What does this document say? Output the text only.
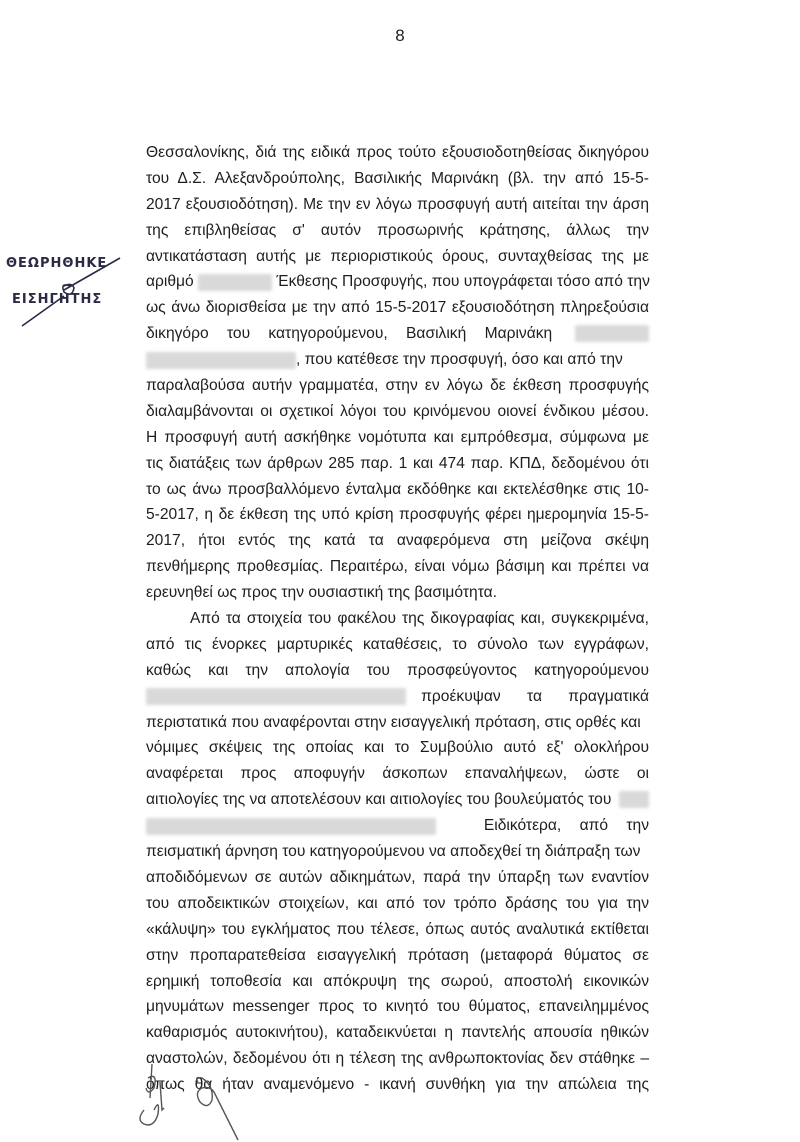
8
ΘΕΩΡΗΘΗΚΕ
ΕΙΣΗΓΗΤΗΣ
Θεσσαλονίκης, διά της ειδικά προς τούτο εξουσιοδοτηθείσας δικηγόρου
του Δ.Σ. Αλεξανδρούπολης, Βασιλικής Μαρινάκη (βλ. την από 15-5-
2017 εξουσιοδότηση). Με την εν λόγω προσφυγή αυτή αιτείται την άρση
της επιβληθείσας σ' αυτόν προσωρινής κράτησης, άλλως την
αντικατάσταση αυτής με περιοριστικούς όρους, συνταχθείσας της με
αριθμό	Έκθεσης Προσφυγής, που υπογράφεται τόσο από την
ως άνω διορισθείσα με την από 15-5-2017 εξουσιοδότηση πληρεξούσια
δικηγόρο του κατηγορούμενου, Βασιλική Μαρινάκη
, που κατέθεσε την προσφυγή, όσο και από την
παραλαβούσα αυτήν γραμματέα, στην εν λόγω δε έκθεση προσφυγής
διαλαμβάνονται οι σχετικοί λόγοι του κρινόμενου οιονεί ένδικου μέσου.
Η προσφυγή αυτή ασκήθηκε νομότυπα και εμπρόθεσμα, σύμφωνα με
τις διατάξεις των άρθρων 285 παρ. 1 και 474 παρ. ΚΠΔ, δεδομένου ότι
το ως άνω προσβαλλόμενο ένταλμα εκδόθηκε και εκτελέσθηκε στις 10-
5-2017, η δε έκθεση της υπό κρίση προσφυγής φέρει ημερομηνία 15-5-
2017, ήτοι εντός της κατά τα αναφερόμενα στη μείζονα σκέψη
πενθήμερης προθεσμίας. Περαιτέρω, είναι νόμω βάσιμη και πρέπει να
ερευνηθεί ως προς την ουσιαστική της βασιμότητα.
Από τα στοιχεία του φακέλου της δικογραφίας και, συγκεκριμένα,
από τις ένορκες μαρτυρικές καταθέσεις, το σύνολο των εγγράφων,
καθώς και την απολογία του προσφεύγοντος κατηγορούμενου
προέκυψαν τα πραγματικά
περιστατικά που αναφέρονται στην εισαγγελική πρόταση, στις ορθές και
νόμιμες σκέψεις της οποίας και το Συμβούλιο αυτό εξ' ολοκλήρου
αναφέρεται προς αποφυγήν άσκοπων επαναλήψεων, ώστε οι
αιτιολογίες της να αποτελέσουν και αιτιολογίες του βουλεύματός του
Ειδικότερα, από την
πεισματική άρνηση του κατηγορούμενου να αποδεχθεί τη διάπραξη των
αποδιδόμενων σε αυτών αδικημάτων, παρά την ύπαρξη των εναντίον
του αποδεικτικών στοιχείων, και από τον τρόπο δράσης του για την
«κάλυψη» του εγκλήματος που τέλεσε, όπως αυτός αναλυτικά εκτίθεται
στην προπαρατεθείσα εισαγγελική πρόταση (μεταφορά θύματος σε
ερημική τοποθεσία και απόκρυψη της σωρού, αποστολή εικονικών
μηνυμάτων messenger προς το κινητό του θύματος, επανειλημμένος
καθαρισμός αυτοκινήτου), καταδεικνύεται η παντελής απουσία ηθικών
αναστολών, δεδομένου ότι η τέλεση της ανθρωποκτονίας δεν στάθηκε –
όπως θα ήταν αναμενόμενο - ικανή συνθήκη για την απώλεια της
